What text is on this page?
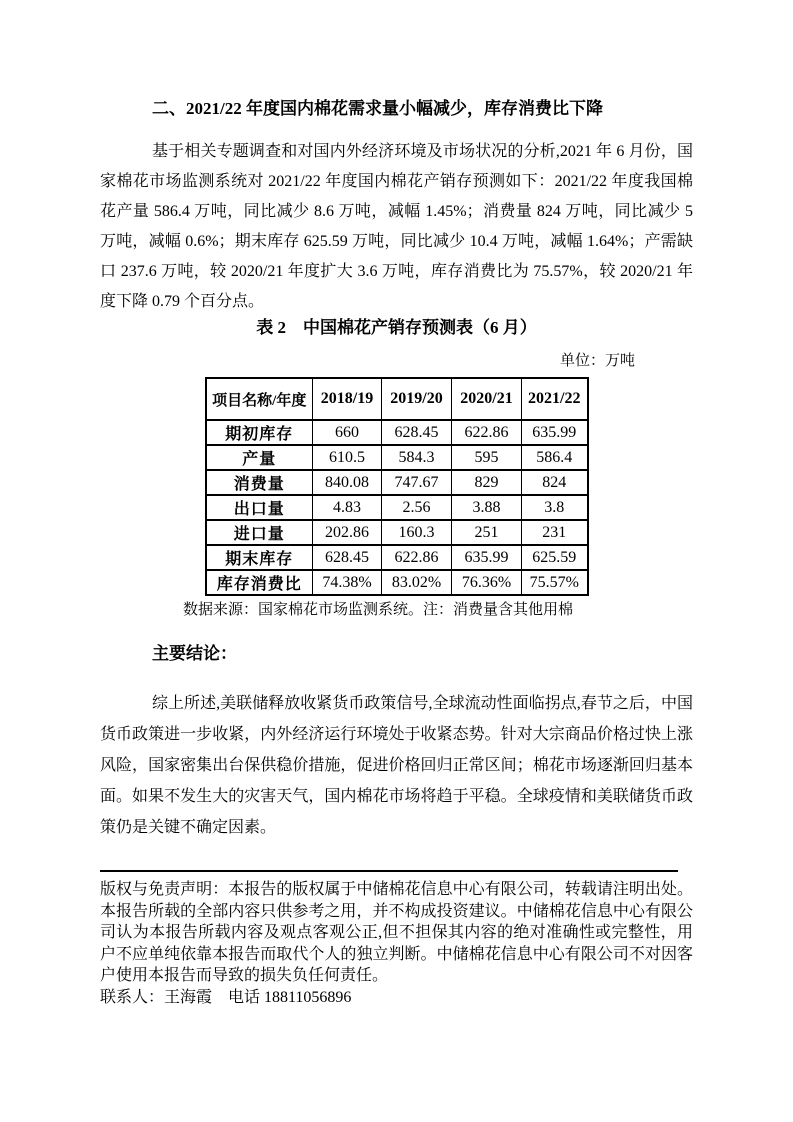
二、2021/22 年度国内棉花需求量小幅减少，库存消费比下降

基于相关专题调查和对国内外经济环境及市场状况的分析,2021 年 6 月份，国家棉花市场监测系统对 2021/22 年度国内棉花产销存预测如下：2021/22 年度我国棉花产量 586.4 万吨，同比减少 8.6 万吨，减幅 1.45%；消费量 824 万吨，同比减少 5 万吨，减幅 0.6%；期末库存 625.59 万吨，同比减少 10.4 万吨，减幅 1.64%；产需缺口 237.6 万吨，较 2020/21 年度扩大 3.6 万吨，库存消费比为 75.57%，较 2020/21 年度下降 0.79 个百分点。

表 2　中国棉花产销存预测表（6 月）

单位：万吨
项目名称/年度	2018/19	2019/20	2020/21	2021/22
期初库存	660	628.45	622.86	635.99
产量	610.5	584.3	595	586.4
消费量	840.08	747.67	829	824
出口量	4.83	2.56	3.88	3.8
进口量	202.86	160.3	251	231
期末库存	628.45	622.86	635.99	625.59
库存消费比	74.38%	83.02%	76.36%	75.57%
数据来源：国家棉花市场监测系统。注：消费量含其他用棉
主要结论：

综上所述,美联储释放收紧货币政策信号,全球流动性面临拐点,春节之后，中国货币政策进一步收紧，内外经济运行环境处于收紧态势。针对大宗商品价格过快上涨风险，国家密集出台保供稳价措施，促进价格回归正常区间；棉花市场逐渐回归基本面。如果不发生大的灾害天气，国内棉花市场将趋于平稳。全球疫情和美联储货币政策仍是关键不确定因素。

版权与免责声明：本报告的版权属于中储棉花信息中心有限公司，转载请注明出处。本报告所载的全部内容只供参考之用，并不构成投资建议。中储棉花信息中心有限公司认为本报告所载内容及观点客观公正,但不担保其内容的绝对准确性或完整性，用户不应单纯依靠本报告而取代个人的独立判断。中储棉花信息中心有限公司不对因客户使用本报告而导致的损失负任何责任。

联系人：王海霞　电话 18811056896
